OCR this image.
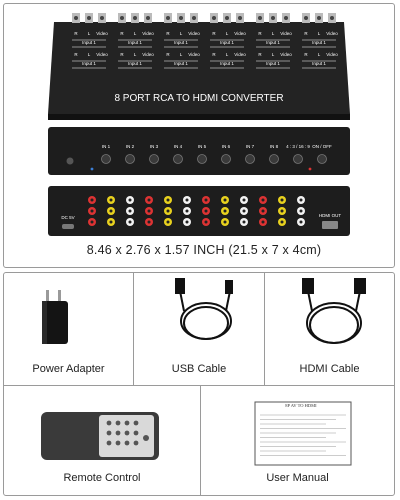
R L Video
Input 1
R L Video
Input 1
R L Video
Input 1
R L Video
Input 1
R L Video
Input 1
R L Video
Input 1
R L Video
Input 1
R L Video
Input 1
R L Video
Input 1
R L Video
Input 1
R L Video
Input 1
R L Video
Input 1
8 PORT RCA TO HDMI CONVERTER
IN 1	IN 2	IN 3	IN 4	IN 5	IN 6	IN 7	IN 8 4 : 3 / 16 : 9 ON / OFF
DC 5V	HDMI OUT
8.46 x 2.76 x 1.57 INCH (21.5 x 7 x 4cm)
8P AV TO HDMI
Power Adapter	USB Cable	HDMI Cable
Remote Control	User Manual
